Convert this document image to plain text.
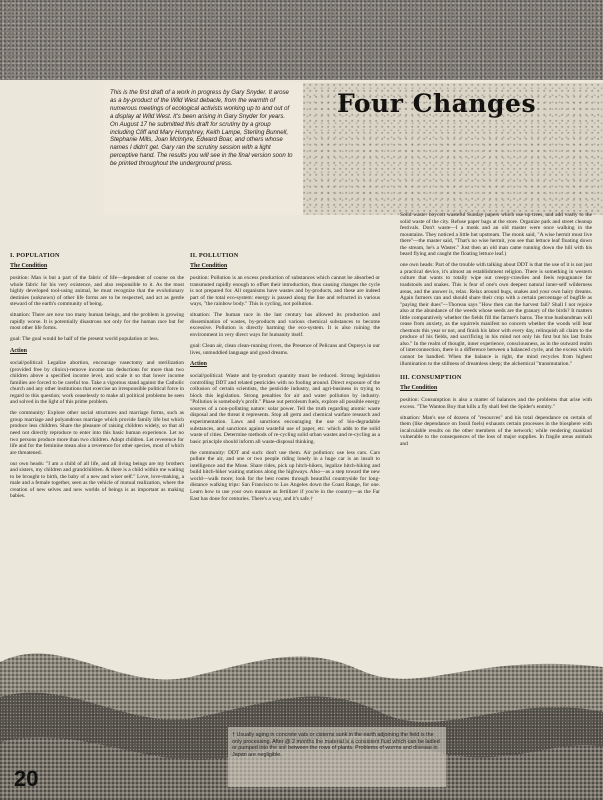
This is the first draft of a work in progress by Gary Snyder. It arose as a by-product of the Wild West debacle, from the warmth of numerous meetings of ecological activists working up to and out of a display at Wild West. It's been arising in Gary Snyder for years. On August 17 he submitted this draft for scrutiny by a group including Cliff and Mary Humphrey, Keith Lampe, Sterling Bunnell, Stephanie Mills, Joan McIntyre, Edward Boar, and others whose names I didn't get. Gary ran the scrutiny session with a light perceptive hand. The results you will see in the final version soon to be printed throughout the underground press.

Four Changes
I. POPULATION
The Condition

position: Man is but a part of the fabric of life—dependent of course on the whole fabric for his very existence, and also responsible to it. As the most highly developed tool-using animal, he must recognize that the evolutionary destinies (unknown) of other life forms are to be respected, and act as gentle steward of the earth's community of being.

situation: There are now too many human beings, and the problem is growing rapidly worse. It is potentially disastrous not only for the human race but for most other life forms.

goal: The goal would be half of the present world population or less.

Action

social/political: Legalize abortion, encourage vasectomy and sterilization (provided free by clinics)-remove income tax deductions for more than two children above a specified income level, and scale it so that lower income families are forced to be careful too. Take a vigorous stand against the Catholic church and any other institutions that exercise an irresponsible political force in regard to this question; work ceaselessly to make all political problems be seen and solved in the light of this prime problem.

the community: Explore other social structures and marriage forms, such as group marriage and polyandrous marriage which provide family life but which produce less children. Share the pleasure of raising children widely, so that all need not directly reproduce to enter into this basic human experience. Let no two persons produce more than two children. Adopt children. Let reverence for life and for the feminine mean also a reverence for other species, most of which are threatened.

our own heads: "I am a child of all life, and all living beings are my brothers and sisters, my children and grandchildren. & there is a child within me waiting to be brought to birth, the baby of a new and wiser self." Love, love-making, a male and a female together, seen as the vehicle of mutual realization, where the creation of new selves and new worlds of beings is as important as making babies.

II. POLLUTION
The Condition

position: Pollution is an excess production of substances which cannot be absorbed or transmuted rapidly enough to offset their introduction, thus causing changes the cycle is not prepared for. All organisms have wastes and by-products, and these are indeed part of the total eco-system: energy is passed along the line and refracted in various ways, "the rainbow body." This is cycling, not pollution.

situation: The human race in the last century has allowed its production and dissemination of wastes, by-products and various chemical substances to become excessive. Pollution is directly harming the eco-system. It is also ruining the environment in very direct ways for humanity itself.

goal: Clean air, clean clean-running rivers, the Presence of Pelicans and Ospreys in our lives, unmuddied language and good dreams.

Action

social/political: Waste and by-product quantity must be reduced. Strong legislation controlling DDT and related pesticides with no fooling around. Direct exposure of the collusion of certain scientists, the pesticide industry, and agri-business in trying to block this legislation. Strong penalties for air and water pollution by industry. "Pollution is somebody's profit." Phase out petroleum fuels, explore all possible energy sources of a non-polluting nature: solar power. Tell the truth regarding atomic waste disposal and the threat it represents. Stop all germ and chemical warfare research and experimentation. Laws and sanctions encouraging the use of bio-degradable substances, and sanctions against wasteful use of paper, etc. which adds to the solid waste of cities. Determine methods of re-cycling solid urban wastes and re-cycling as a basic principle should inform all waste-disposal thinking.

the community: DDT and such: don't use them. Air pollution: use less cars. Cars pollute the air, and one or two people riding lonely in a huge car is an insult to intelligence and the Muse. Share rides, pick up hitch-hikers, legalize hitch-hiking and build hitch-hiker waiting stations along the highways. Also—as a step toward the new world—walk more; look for the best routes through beautiful countryside for long-distance walking trips: San Francisco to Los Angeles down the Coast Range, for one. Learn how to use your own manure as fertilizer if you're in the country—as the Far East has done for centuries. There's a way, and it's safe.†

Solid waste: boycott wasteful Sunday papers which use up trees, and add vastly to the solid waste of the city. Refuse paper bags at the store. Organize park and street cleanup festivals. Don't waste—I a monk and an old master were once walking in the mountains. They noticed a little hut upstream. The monk said, "A wise hermit must live there"—the master said, "That's no wise hermit, you see that lettuce leaf floating down the stream, he's a Waster." Just then an old man came running down the hill with his beard flying and caught the floating lettuce leaf.)

one own heads: Part of the trouble with talking about DDT is that the use of it is not just a practical device, it's almost an establishment religion. There is something in western culture that wants to totally wipe out creepy-crawlies and feels repugnance for toadstools and snakes. This is fear of one's own deepest natural inner-self wilderness areas, and the answer is, relax. Relax around bugs, snakes and your own hairy dreams. Again farmers can and should share their crop with a certain percentage of bugfife as "paying their dues"—Thoreau says "How then can the harvest fail? Shall I not rejoice also at the abundance of the weeds whose seeds are the granary of the birds? It matters little comparatively whether the fields fill the farmer's barns. The true husbandman will cease from anxiety, as the squirrels manifest no concern whether the woods will bear chestnuts this year or not, and finish his labor with every day, relinquish all claim to the produce of his fields, and sacrificing in his mind not only his first but his last fruits also." In the realm of thought, inner experience, consciousness, as in the outward realm of interconnection, there is a difference between a balanced cycle, and the excess which cannot be handled. When the balance is right, the mind recycles from highest illumination to the stillness of dreamless sleep; the alchemical "transmutation."

III. CONSUMPTION
The Condition

position: Consumption is also a matter of balances and the problems that arise with excess. "The Wanton Boy that kills a fly shall feel the Spider's enmity."

situation: Man's use of dozens of "resources" and his total dependance on certain of them (like dependance on fossil fuels) exhausts certain processes in the biosphere with incalculable results on the other members of the network; while rendering mankind vulnerable to the consequences of the loss of major supplies. In fragile areas animals and

† Usually aging in concrete vats or cisterns sunk in the earth adjoining the field is the only processing. After @ 2 months the material is a consistent fluid which can be ladled or pumped into the soil between the rows of plants. Problems of worms and disease in Japan are negligible.
20
